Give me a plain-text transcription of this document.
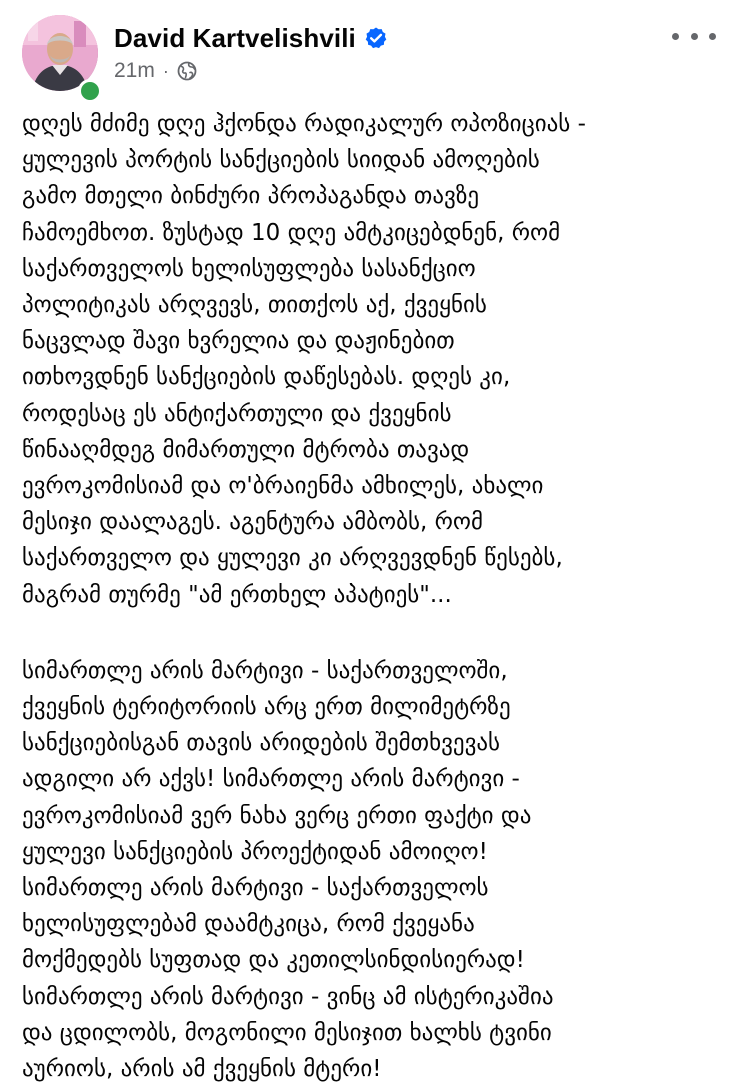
David Kartvelishvili
21m ·

დღეს მძიმე დღე ჰქონდა რადიკალურ ოპოზიციას -
ყულევის პორტის სანქციების სიიდან ამოღების
გამო მთელი ბინძური პროპაგანდა თავზე
ჩამოემხოთ. ზუსტად 10 დღე ამტკიცებდნენ, რომ
საქართველოს ხელისუფლება სასანქციო
პოლიტიკას არღვევს, თითქოს აქ, ქვეყნის
ნაცვლად შავი ხვრელია და დაჟინებით
ითხოვდნენ სანქციების დაწესებას. დღეს კი,
როდესაც ეს ანტიქართული და ქვეყნის
წინააღმდეგ მიმართული მტრობა თავად
ევროკომისიამ და ო'ბრაიენმა ამხილეს, ახალი
მესიჯი დაალაგეს. აგენტურა ამბობს, რომ
საქართველო და ყულევი კი არღვევდნენ წესებს,
მაგრამ თურმე "ამ ერთხელ აპატიეს"...

სიმართლე არის მარტივი - საქართველოში,
ქვეყნის ტერიტორიის არც ერთ მილიმეტრზე
სანქციებისგან თავის არიდების შემთხვევას
ადგილი არ აქვს! სიმართლე არის მარტივი -
ევროკომისიამ ვერ ნახა ვერც ერთი ფაქტი და
ყულევი სანქციების პროექტიდან ამოიღო!
სიმართლე არის მარტივი - საქართველოს
ხელისუფლებამ დაამტკიცა, რომ ქვეყანა
მოქმედებს სუფთად და კეთილსინდისიერად!
სიმართლე არის მარტივი - ვინც ამ ისტერიკაშია
და ცდილობს, მოგონილი მესიჯით ხალხს ტვინი
აურიოს, არის ამ ქვეყნის მტერი!
